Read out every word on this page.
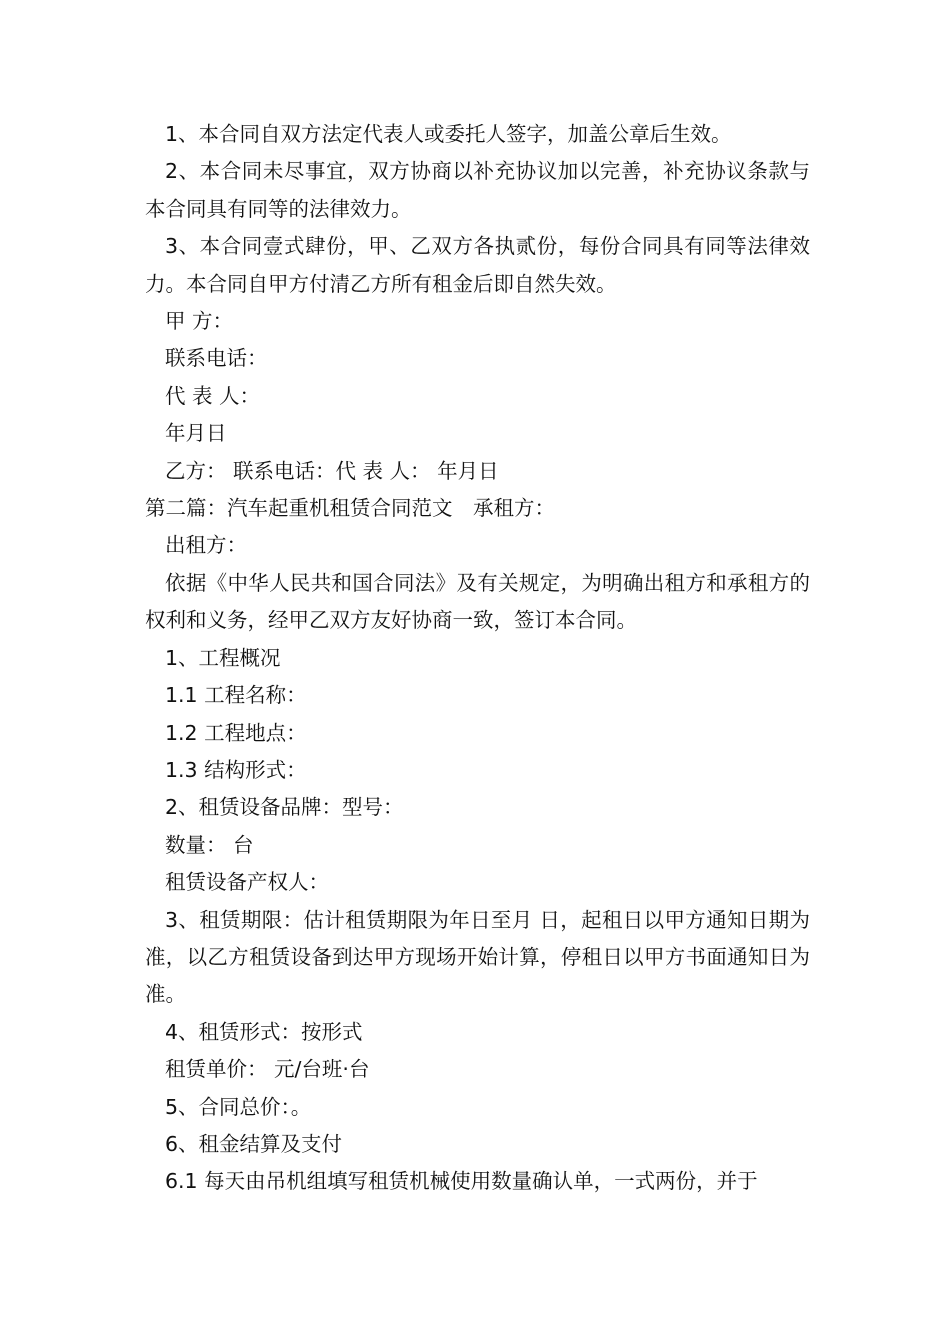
1、本合同自双方法定代表人或委托人签字，加盖公章后生效。

2、本合同未尽事宜，双方协商以补充协议加以完善，补充协议条款与本合同具有同等的法律效力。

3、本合同壹式肆份，甲、乙双方各执贰份，每份合同具有同等法律效力。本合同自甲方付清乙方所有租金后即自然失效。

甲 方：

联系电话：

代 表 人：

年月日

乙方： 联系电话：代 表 人： 年月日

第二篇：汽车起重机租赁合同范文　承租方：

出租方：

依据《中华人民共和国合同法》及有关规定，为明确出租方和承租方的权利和义务，经甲乙双方友好协商一致，签订本合同。

1、工程概况

1.1 工程名称：

1.2 工程地点：

1.3 结构形式：

2、租赁设备品牌：型号：

数量： 台

租赁设备产权人：

3、租赁期限：估计租赁期限为年日至月 日，起租日以甲方通知日期为准，以乙方租赁设备到达甲方现场开始计算，停租日以甲方书面通知日为准。

4、租赁形式：按形式

租赁单价： 元/台班·台

5、合同总价：。

6、租金结算及支付

6.1 每天由吊机组填写租赁机械使用数量确认单，一式两份，并于
